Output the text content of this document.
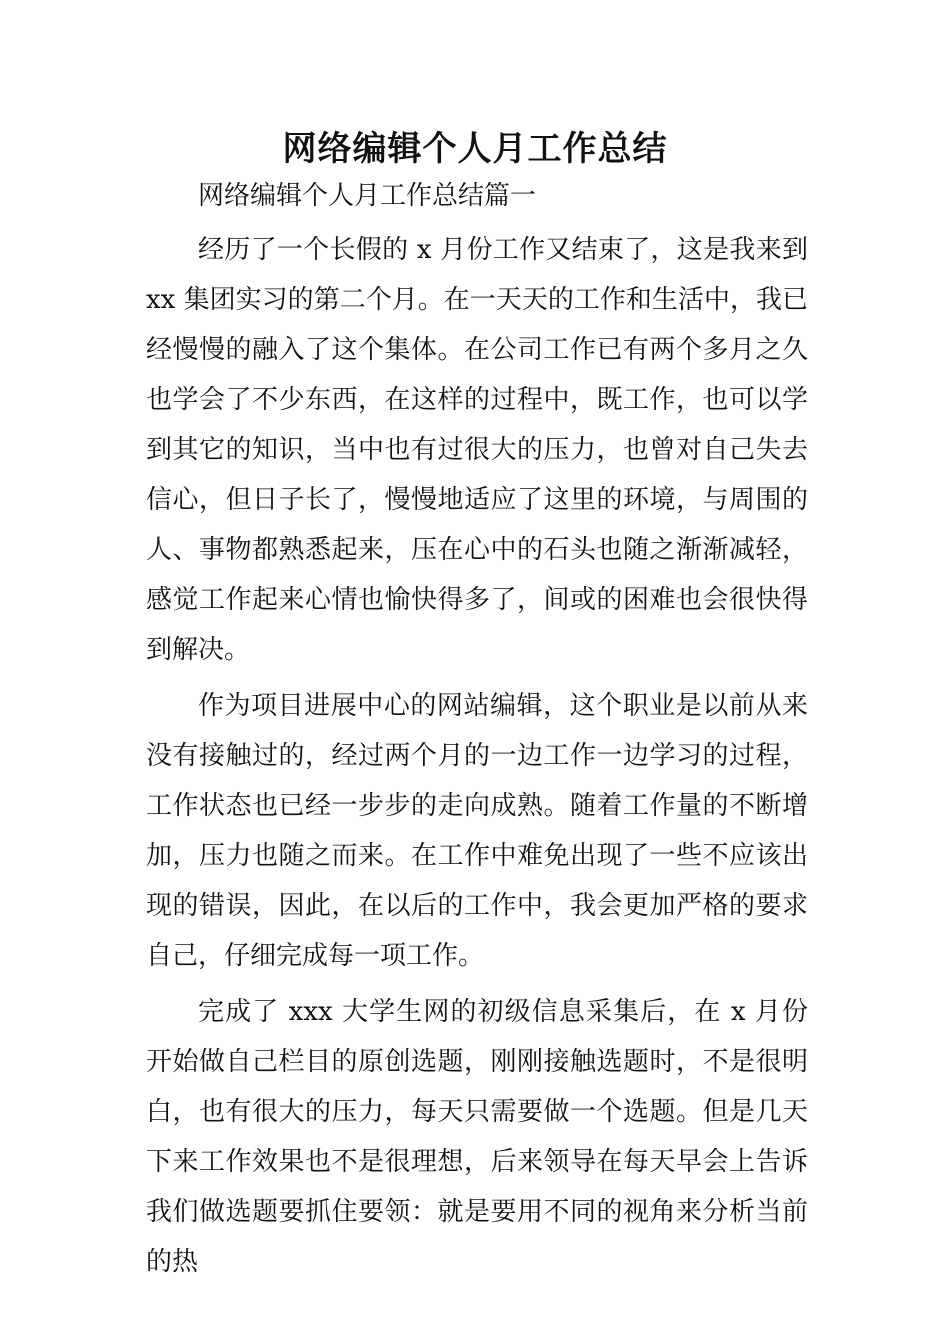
网络编辑个人月工作总结

网络编辑个人月工作总结篇一

经历了一个长假的 x 月份工作又结束了，这是我来到 xx 集团实习的第二个月。在一天天的工作和生活中，我已经慢慢的融入了这个集体。在公司工作已有两个多月之久也学会了不少东西，在这样的过程中，既工作，也可以学到其它的知识，当中也有过很大的压力，也曾对自己失去信心，但日子长了，慢慢地适应了这里的环境，与周围的人、事物都熟悉起来，压在心中的石头也随之渐渐减轻，感觉工作起来心情也愉快得多了，间或的困难也会很快得到解决。

作为项目进展中心的网站编辑，这个职业是以前从来没有接触过的，经过两个月的一边工作一边学习的过程，工作状态也已经一步步的走向成熟。随着工作量的不断增加，压力也随之而来。在工作中难免出现了一些不应该出现的错误，因此，在以后的工作中，我会更加严格的要求自己，仔细完成每一项工作。

完成了 xxx 大学生网的初级信息采集后，在 x 月份开始做自己栏目的原创选题，刚刚接触选题时，不是很明白，也有很大的压力，每天只需要做一个选题。但是几天下来工作效果也不是很理想，后来领导在每天早会上告诉我们做选题要抓住要领：就是要用不同的视角来分析当前的热
